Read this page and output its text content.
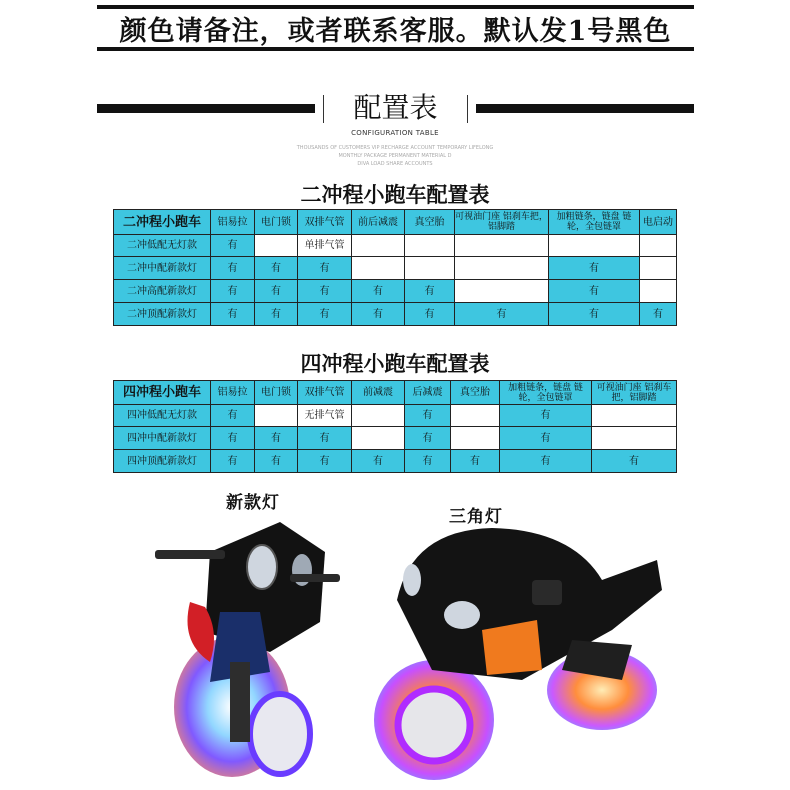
颜色请备注，或者联系客服。默认发1号黑色
配置表
CONFIGURATION TABLE
THOUSANDS OF CUSTOMERS VIP RECHARGE ACCOUNT TEMPORARY LIFELONG
MONTHLY PACKAGE PERMANENT MATERIAL D
DIVA LOAD SHARE ACCOUNTS
二冲程小跑车配置表
二冲程小跑车	铝易拉	电门锁	双排气管	前后减震	真空胎	可视油门座 铝刹车把，铝脚踏	加粗链条，链盘 链轮，全包链罩	电启动
二冲低配无灯款	有		单排气管					
二冲中配新款灯	有	有	有				有	
二冲高配新款灯	有	有	有	有	有		有	
二冲顶配新款灯	有	有	有	有	有	有	有	有
四冲程小跑车配置表
四冲程小跑车	铝易拉	电门锁	双排气管	前减震	后减震	真空胎	加粗链条，链盘 链轮，全包链罩	可视油门座 铝刹车把，铝脚踏
四冲低配无灯款	有		无排气管		有		有	
四冲中配新款灯	有	有	有		有		有	
四冲顶配新款灯	有	有	有	有	有	有	有	有
新款灯
三角灯
